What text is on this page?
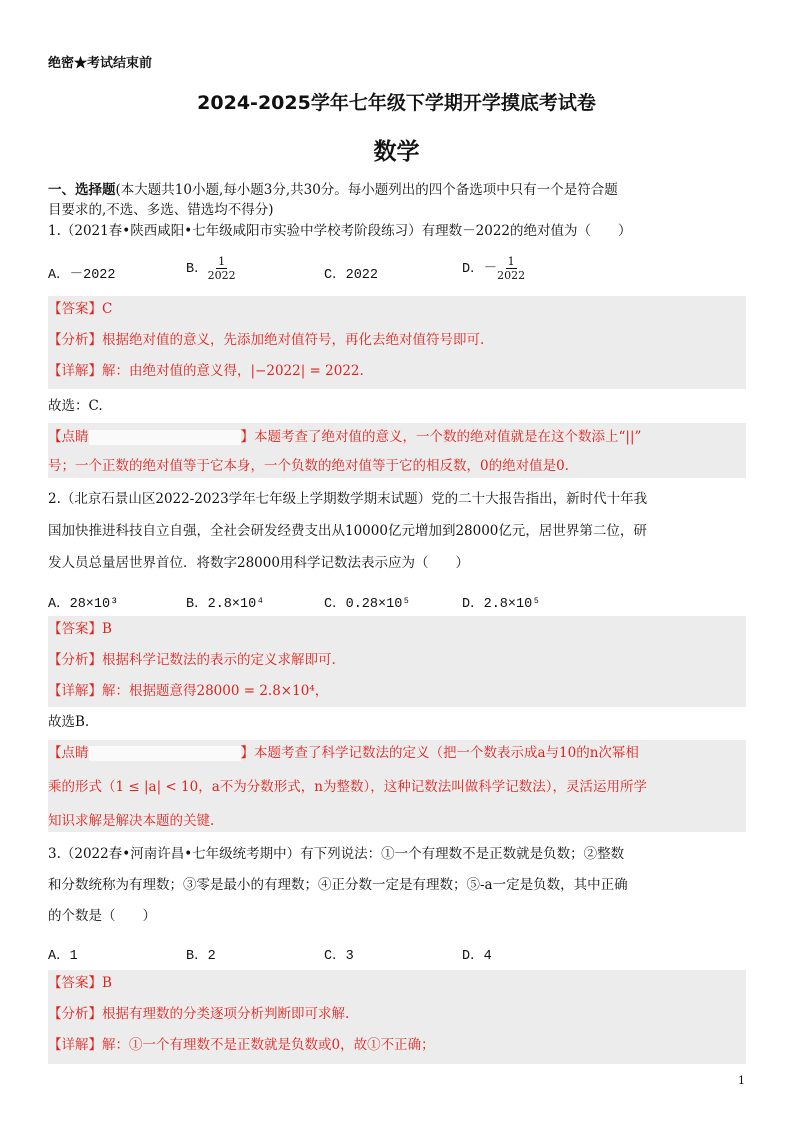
绝密★考试结束前
2024-2025学年七年级下学期开学摸底考试卷
数学
一、选择题(本大题共10小题,每小题3分,共30分。每小题列出的四个备选项中只有一个是符合题
目要求的,不选、多选、错选均不得分)
1.（2021春•陕西咸阳•七年级咸阳市实验中学校考阶段练习）有理数－2022的绝对值为（　　）
A．－2022	B． $\frac{1}{2022}$	C．2022	D．－ $\frac{1}{2022}$
【答案】C
【分析】根据绝对值的意义，先添加绝对值符号，再化去绝对值符号即可.
【详解】解：由绝对值的意义得，|−2022| = 2022.
故选：C.
【点睛	】本题考查了绝对值的意义，一个数的绝对值就是在这个数添上“||”
号；一个正数的绝对值等于它本身，一个负数的绝对值等于它的相反数，0的绝对值是0.
2.（北京石景山区2022-2023学年七年级上学期数学期末试题）党的二十大报告指出，新时代十年我
国加快推进科技自立自强，全社会研发经费支出从10000亿元增加到28000亿元，居世界第二位，研
发人员总量居世界首位．将数字28000用科学记数法表示应为（　　）
A．28×10³	B．2.8×10⁴	C．0.28×10⁵	D．2.8×10⁵
【答案】B
【分析】根据科学记数法的表示的定义求解即可.
【详解】解：根据题意得28000 = 2.8×10⁴，
故选B.
【点睛	】本题考查了科学记数法的定义（把一个数表示成a与10的n次幂相
乘的形式（1 ≤ |a| < 10，a不为分数形式，n为整数），这种记数法叫做科学记数法），灵活运用所学
知识求解是解决本题的关键.
3.（2022春•河南许昌•七年级统考期中）有下列说法：①一个有理数不是正数就是负数；②整数
和分数统称为有理数；③零是最小的有理数；④正分数一定是有理数；⑤-a一定是负数，其中正确
的个数是（　　）
A．1	B．2	C．3	D．4
【答案】B
【分析】根据有理数的分类逐项分析判断即可求解.
【详解】解：①一个有理数不是正数就是负数或0，故①不正确；
1
